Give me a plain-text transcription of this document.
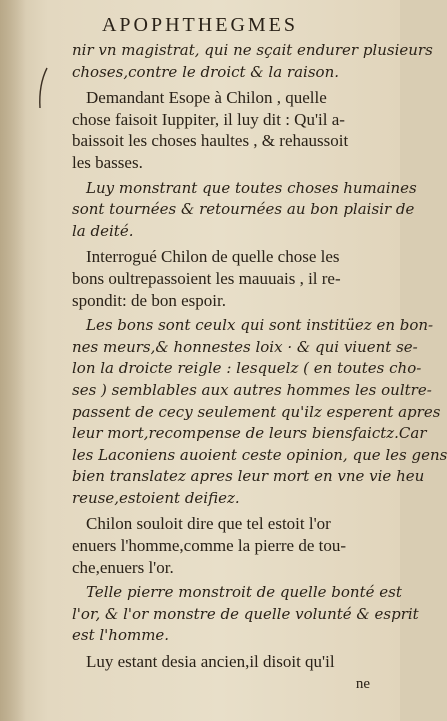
APOPHTHEGMES
nir vn magistrat, qui ne sçait endurer plusieurs
choses,contre le droict & la raison.
Demandant Esope à Chilon , quelle
chose faisoit Iuppiter, il luy dit : Qu'il a-
baissoit les choses haultes , & rehaussoit
les basses.
Luy monstrant que toutes choses humaines
sont tournées & retournées au bon plaisir de
la deité.
Interrogué Chilon de quelle chose les
bons oultrepassoient les mauuais , il re-
spondit: de bon espoir.
Les bons sont ceulx qui sont institüez en bon-
nes meurs,& honnestes loix · & qui viuent se-
lon la droicte reigle : lesquelz ( en toutes cho-
ses ) semblables aux autres hommes les oultre-
passent de cecy seulement qu'ilz esperent apres
leur mort,recompense de leurs biensfaictz.Car
les Laconiens auoient ceste opinion, que les gens
bien translatez apres leur mort en vne vie heu
reuse,estoient deifiez.
Chilon souloit dire que tel estoit l'or
enuers l'homme,comme la pierre de tou-
che,enuers l'or.
Telle pierre monstroit de quelle bonté est
l'or, & l'or monstre de quelle volunté & esprit
est l'homme.
Luy estant desia ancien,il disoit qu'il
ne
